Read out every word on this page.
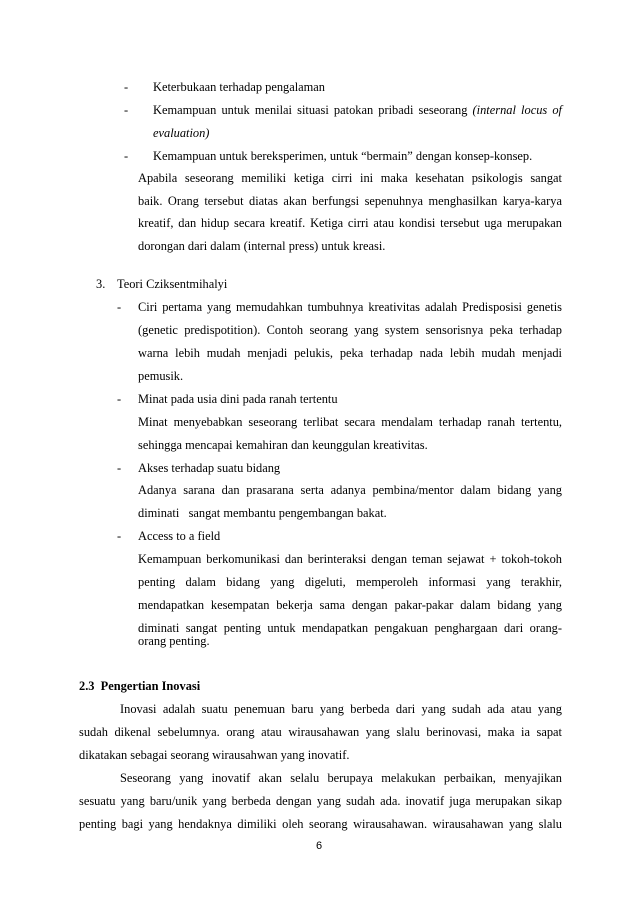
- Keterbukaan terhadap pengalaman
- Kemampuan untuk menilai situasi patokan pribadi seseorang (internal locus of
evaluation)
- Kemampuan untuk bereksperimen, untuk “bermain” dengan konsep-konsep.
Apabila seseorang memiliki ketiga cirri ini maka kesehatan psikologis sangat
baik. Orang tersebut diatas akan berfungsi sepenuhnya menghasilkan karya-karya
kreatif, dan hidup secara kreatif. Ketiga cirri atau kondisi tersebut uga merupakan
dorongan dari dalam (internal press) untuk kreasi.
3. Teori Cziksentmihalyi
- Ciri pertama yang memudahkan tumbuhnya kreativitas adalah Predisposisi genetis
(genetic predispotition). Contoh seorang yang system sensorisnya peka terhadap
warna lebih mudah menjadi pelukis, peka terhadap nada lebih mudah menjadi
pemusik.
- Minat pada usia dini pada ranah tertentu
Minat menyebabkan seseorang terlibat secara mendalam terhadap ranah tertentu,
sehingga mencapai kemahiran dan keunggulan kreativitas.
- Akses terhadap suatu bidang
Adanya sarana dan prasarana serta adanya pembina/mentor dalam bidang yang
diminati   sangat membantu pengembangan bakat.
- Access to a field
Kemampuan berkomunikasi dan berinteraksi dengan teman sejawat + tokoh-tokoh
penting dalam bidang yang digeluti, memperoleh informasi yang terakhir,
mendapatkan kesempatan bekerja sama dengan pakar-pakar dalam bidang yang
diminati sangat penting untuk mendapatkan pengakuan penghargaan dari orang-
orang penting.
2.3  Pengertian Inovasi
Inovasi adalah suatu penemuan baru yang berbeda dari yang sudah ada atau yang
sudah dikenal sebelumnya. orang atau wirausahawan yang slalu berinovasi, maka ia sapat
dikatakan sebagai seorang wirausahwan yang inovatif.
Seseorang yang inovatif akan selalu berupaya melakukan perbaikan, menyajikan
sesuatu yang baru/unik yang berbeda dengan yang sudah ada. inovatif juga merupakan sikap
penting bagi yang hendaknya dimiliki oleh seorang wirausahawan. wirausahawan yang slalu
6
